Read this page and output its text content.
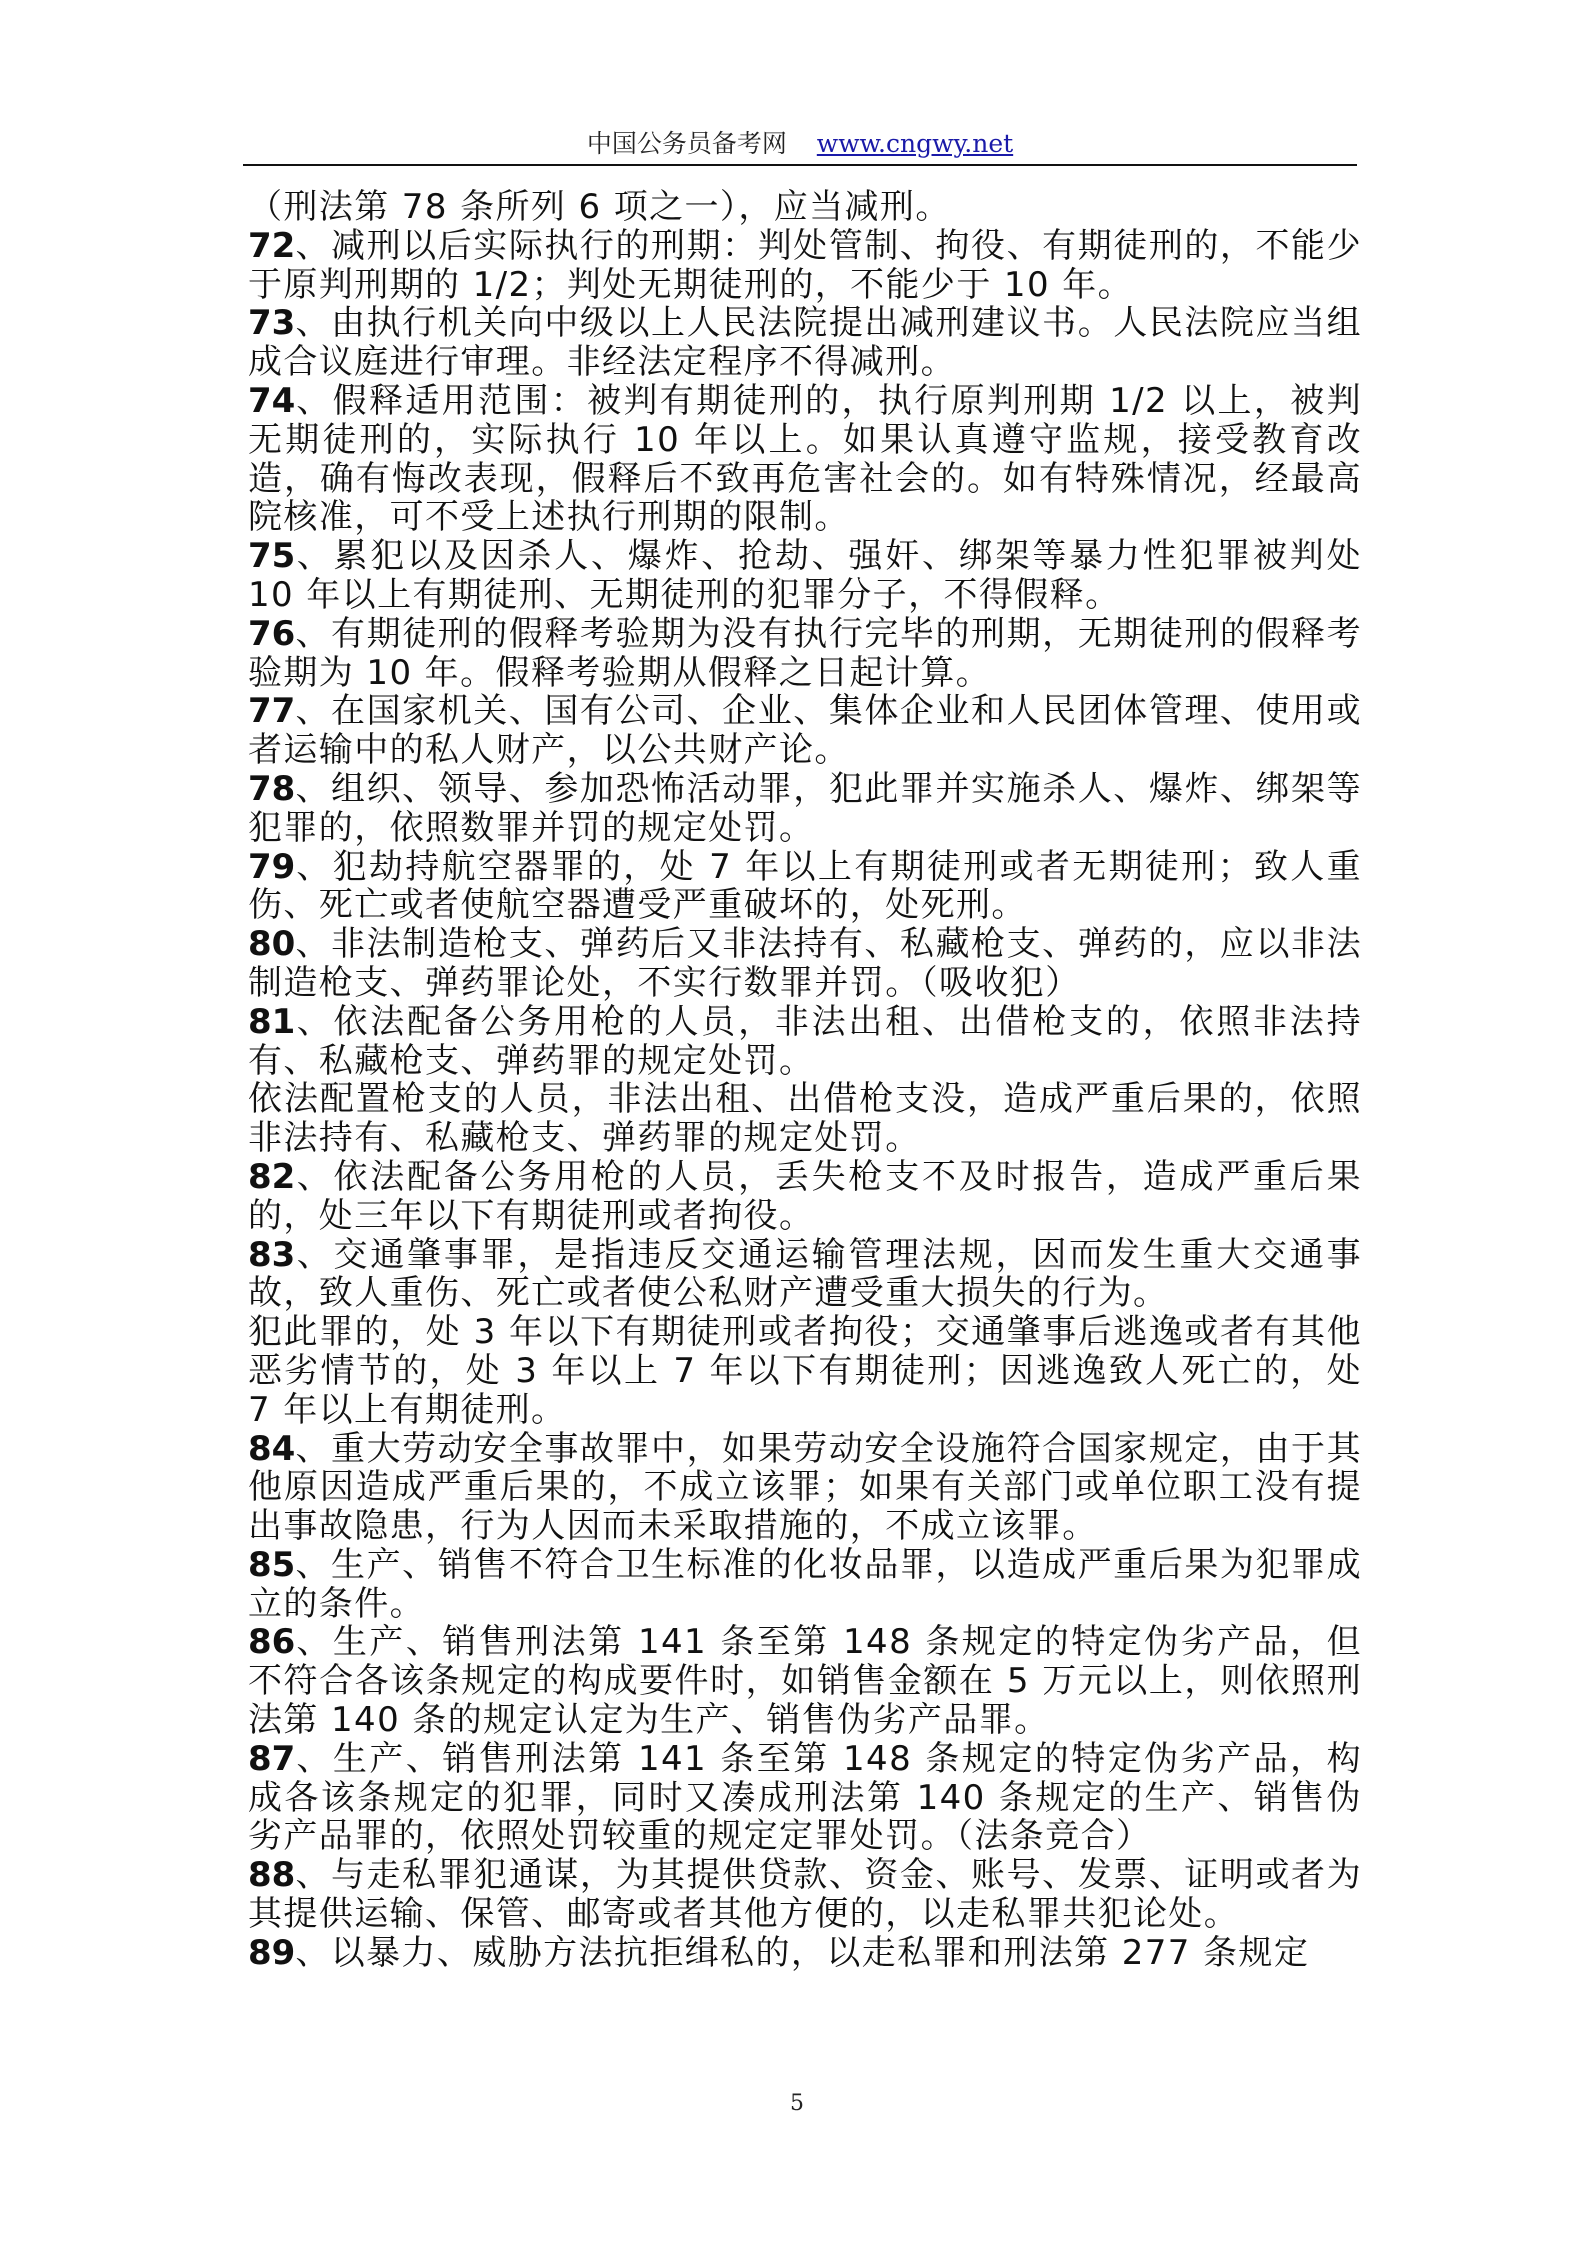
中国公务员备考网 www.cngwy.net

（刑法第 78 条所列 6 项之一），应当减刑。

72、减刑以后实际执行的刑期：判处管制、拘役、有期徒刑的，不能少于原判刑期的 1/2；判处无期徒刑的，不能少于 10 年。

73、由执行机关向中级以上人民法院提出减刑建议书。人民法院应当组成合议庭进行审理。非经法定程序不得减刑。

74、假释适用范围：被判有期徒刑的，执行原判刑期 1/2 以上，被判无期徒刑的，实际执行 10 年以上。如果认真遵守监规，接受教育改造，确有悔改表现，假释后不致再危害社会的。如有特殊情况，经最高院核准，可不受上述执行刑期的限制。

75、累犯以及因杀人、爆炸、抢劫、强奸、绑架等暴力性犯罪被判处 10 年以上有期徒刑、无期徒刑的犯罪分子，不得假释。

76、有期徒刑的假释考验期为没有执行完毕的刑期，无期徒刑的假释考验期为 10 年。假释考验期从假释之日起计算。

77、在国家机关、国有公司、企业、集体企业和人民团体管理、使用或者运输中的私人财产，以公共财产论。

78、组织、领导、参加恐怖活动罪，犯此罪并实施杀人、爆炸、绑架等犯罪的，依照数罪并罚的规定处罚。

79、犯劫持航空器罪的，处 7 年以上有期徒刑或者无期徒刑；致人重伤、死亡或者使航空器遭受严重破坏的，处死刑。

80、非法制造枪支、弹药后又非法持有、私藏枪支、弹药的，应以非法制造枪支、弹药罪论处，不实行数罪并罚。（吸收犯）

81、依法配备公务用枪的人员，非法出租、出借枪支的，依照非法持有、私藏枪支、弹药罪的规定处罚。

依法配置枪支的人员，非法出租、出借枪支没，造成严重后果的，依照非法持有、私藏枪支、弹药罪的规定处罚。

82、依法配备公务用枪的人员，丢失枪支不及时报告，造成严重后果的，处三年以下有期徒刑或者拘役。

83、交通肇事罪，是指违反交通运输管理法规，因而发生重大交通事故，致人重伤、死亡或者使公私财产遭受重大损失的行为。

犯此罪的，处 3 年以下有期徒刑或者拘役；交通肇事后逃逸或者有其他恶劣情节的，处 3 年以上 7 年以下有期徒刑；因逃逸致人死亡的，处 7 年以上有期徒刑。

84、重大劳动安全事故罪中，如果劳动安全设施符合国家规定，由于其他原因造成严重后果的，不成立该罪；如果有关部门或单位职工没有提出事故隐患，行为人因而未采取措施的，不成立该罪。

85、生产、销售不符合卫生标准的化妆品罪，以造成严重后果为犯罪成立的条件。

86、生产、销售刑法第 141 条至第 148 条规定的特定伪劣产品，但不符合各该条规定的构成要件时，如销售金额在 5 万元以上，则依照刑法第 140 条的规定认定为生产、销售伪劣产品罪。

87、生产、销售刑法第 141 条至第 148 条规定的特定伪劣产品，构成各该条规定的犯罪，同时又凑成刑法第 140 条规定的生产、销售伪劣产品罪的，依照处罚较重的规定定罪处罚。（法条竞合）

88、与走私罪犯通谋，为其提供贷款、资金、账号、发票、证明或者为其提供运输、保管、邮寄或者其他方便的，以走私罪共犯论处。

89、以暴力、威胁方法抗拒缉私的，以走私罪和刑法第 277 条规定

5
